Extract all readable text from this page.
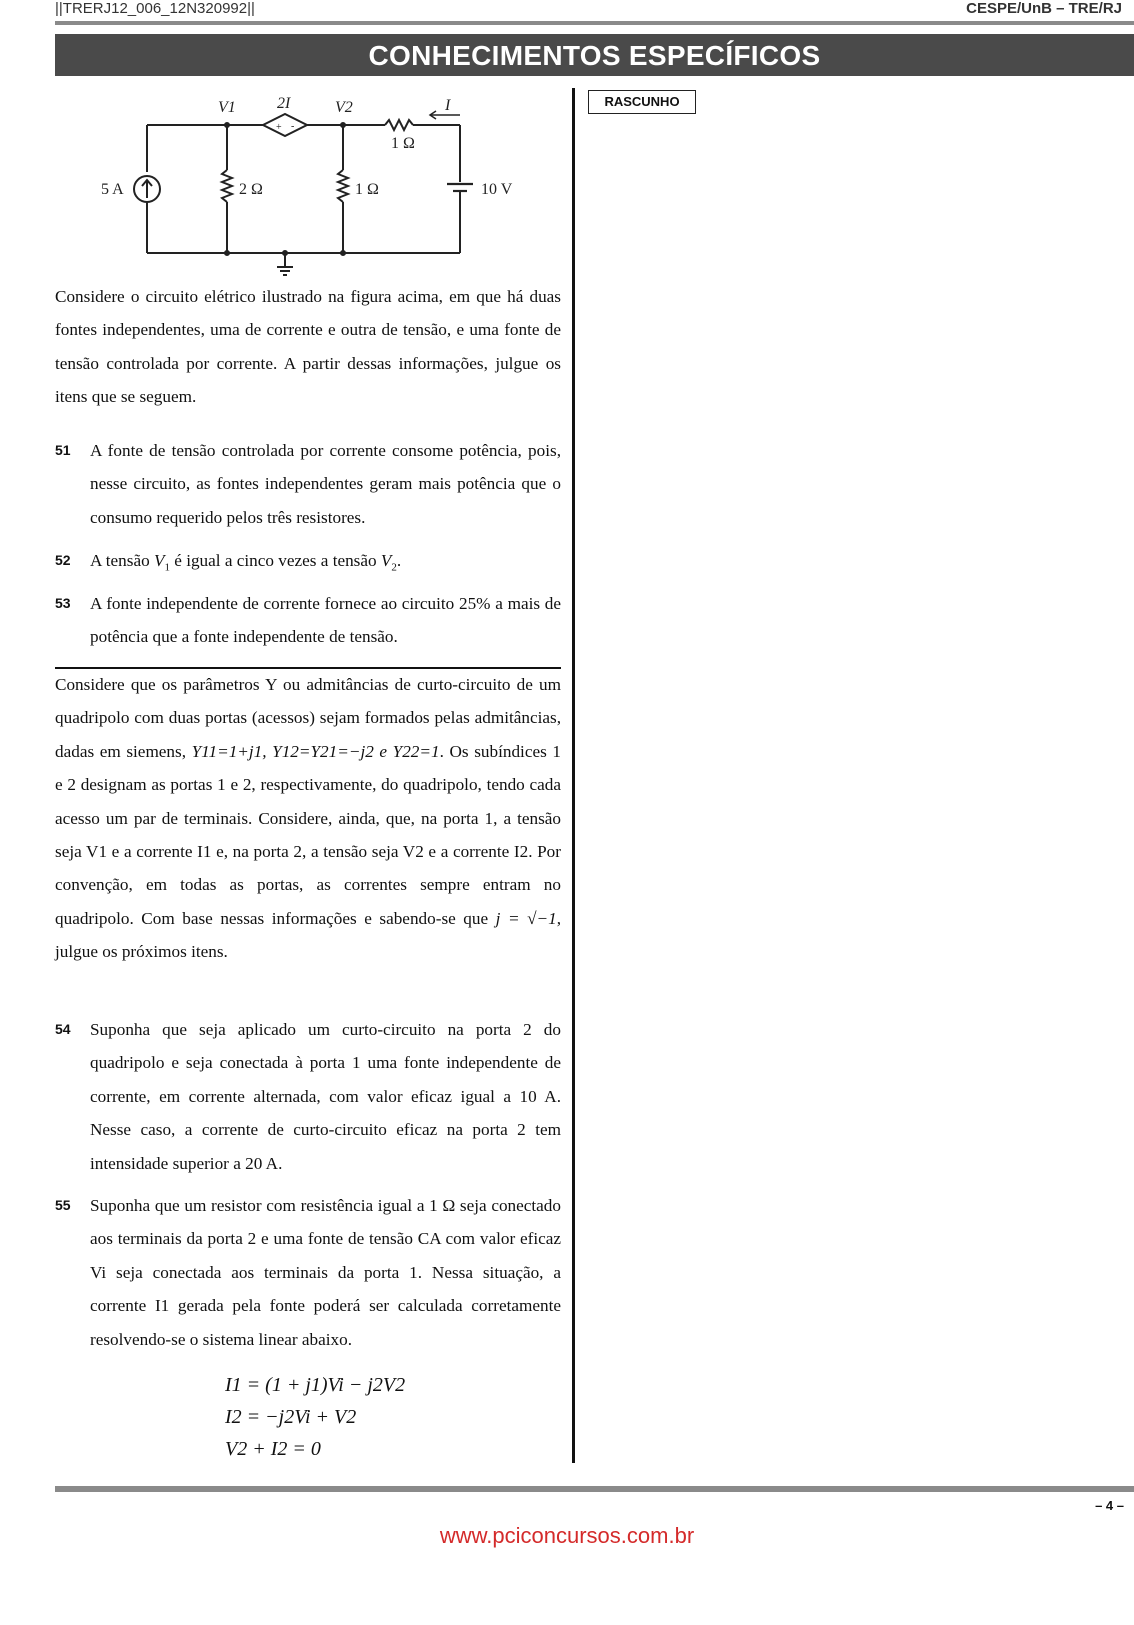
||TRERJ12_006_12N320992||	CESPE/UnB – TRE/RJ
CONHECIMENTOS ESPECÍFICOS
RASCUNHO
V1	2I	V2	I
1 Ω
5 A	2 Ω	1 Ω	10 V
+ -
Considere o circuito elétrico ilustrado na figura acima, em que há duas fontes independentes, uma de corrente e outra de tensão, e uma fonte de tensão controlada por corrente. A partir dessas informações, julgue os itens que se seguem.
51 A fonte de tensão controlada por corrente consome potência, pois, nesse circuito, as fontes independentes geram mais potência que o consumo requerido pelos três resistores.
52 A tensão $V_1$ é igual a cinco vezes a tensão $V_2$.
53 A fonte independente de corrente fornece ao circuito 25% a mais de potência que a fonte independente de tensão.
Considere que os parâmetros Y ou admitâncias de curto-circuito de um quadripolo com duas portas (acessos) sejam formados pelas admitâncias, dadas em siemens, Y11=1+j1, Y12=Y21=−j2 e Y22=1. Os subíndices 1 e 2 designam as portas 1 e 2, respectivamente, do quadripolo, tendo cada acesso um par de terminais. Considere, ainda, que, na porta 1, a tensão seja V1 e a corrente I1 e, na porta 2, a tensão seja V2 e a corrente I2. Por convenção, em todas as portas, as correntes sempre entram no quadripolo. Com base nessas informações e sabendo-se que j = √−1, julgue os próximos itens.
54 Suponha que seja aplicado um curto-circuito na porta 2 do quadripolo e seja conectada à porta 1 uma fonte independente de corrente, em corrente alternada, com valor eficaz igual a 10 A. Nesse caso, a corrente de curto-circuito eficaz na porta 2 tem intensidade superior a 20 A.
55 Suponha que um resistor com resistência igual a 1 Ω seja conectado aos terminais da porta 2 e uma fonte de tensão CA com valor eficaz Vi seja conectada aos terminais da porta 1. Nessa situação, a corrente I1 gerada pela fonte poderá ser calculada corretamente resolvendo-se o sistema linear abaixo.
I1 = (1 + j1)Vi − j2V2
I2 = −j2Vi + V2
V2 + I2 = 0
– 4 –
www.pciconcursos.com.br
